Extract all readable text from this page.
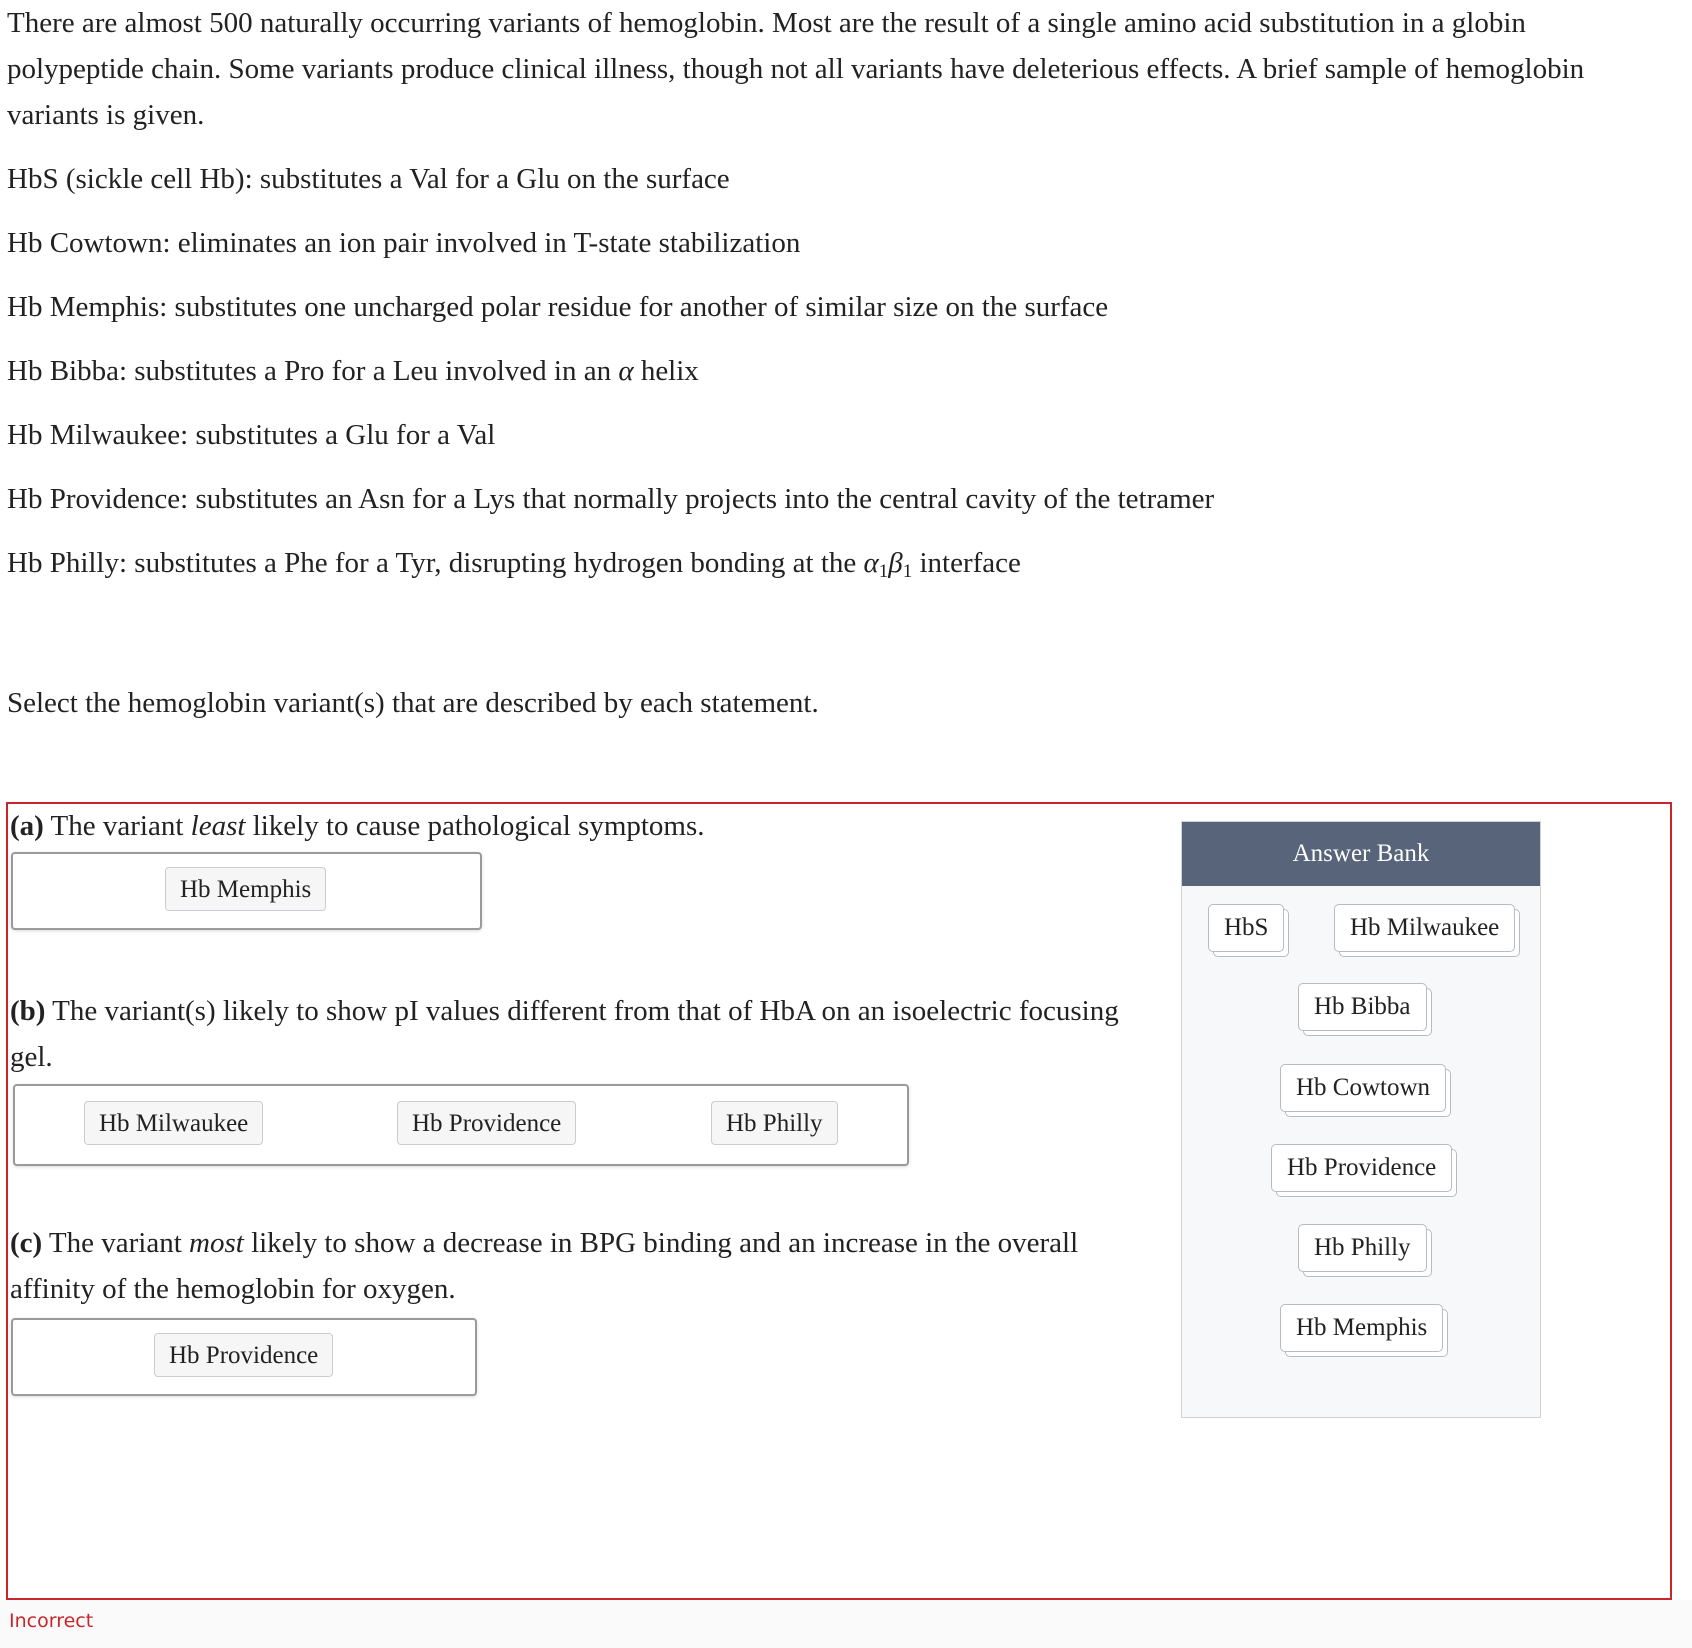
There are almost 500 naturally occurring variants of hemoglobin. Most are the result of a single amino acid substitution in a globin polypeptide chain. Some variants produce clinical illness, though not all variants have deleterious effects. A brief sample of hemoglobin variants is given.

HbS (sickle cell Hb): substitutes a Val for a Glu on the surface
Hb Cowtown: eliminates an ion pair involved in T-state stabilization
Hb Memphis: substitutes one uncharged polar residue for another of similar size on the surface
Hb Bibba: substitutes a Pro for a Leu involved in an α helix
Hb Milwaukee: substitutes a Glu for a Val
Hb Providence: substitutes an Asn for a Lys that normally projects into the central cavity of the tetramer
Hb Philly: substitutes a Phe for a Tyr, disrupting hydrogen bonding at the $\alpha_1\beta_1$ interface
Select the hemoglobin variant(s) that are described by each statement.
(a) The variant least likely to cause pathological symptoms.
Hb Memphis
(b) The variant(s) likely to show pI values different from that of HbA on an isoelectric focusing gel.
Hb Milwaukee	Hb Providence	Hb Philly
(c) The variant most likely to show a decrease in BPG binding and an increase in the overall affinity of the hemoglobin for oxygen.
Hb Providence
Answer Bank
HbS	Hb Milwaukee
Hb Bibba
Hb Cowtown
Hb Providence
Hb Philly
Hb Memphis
Incorrect
